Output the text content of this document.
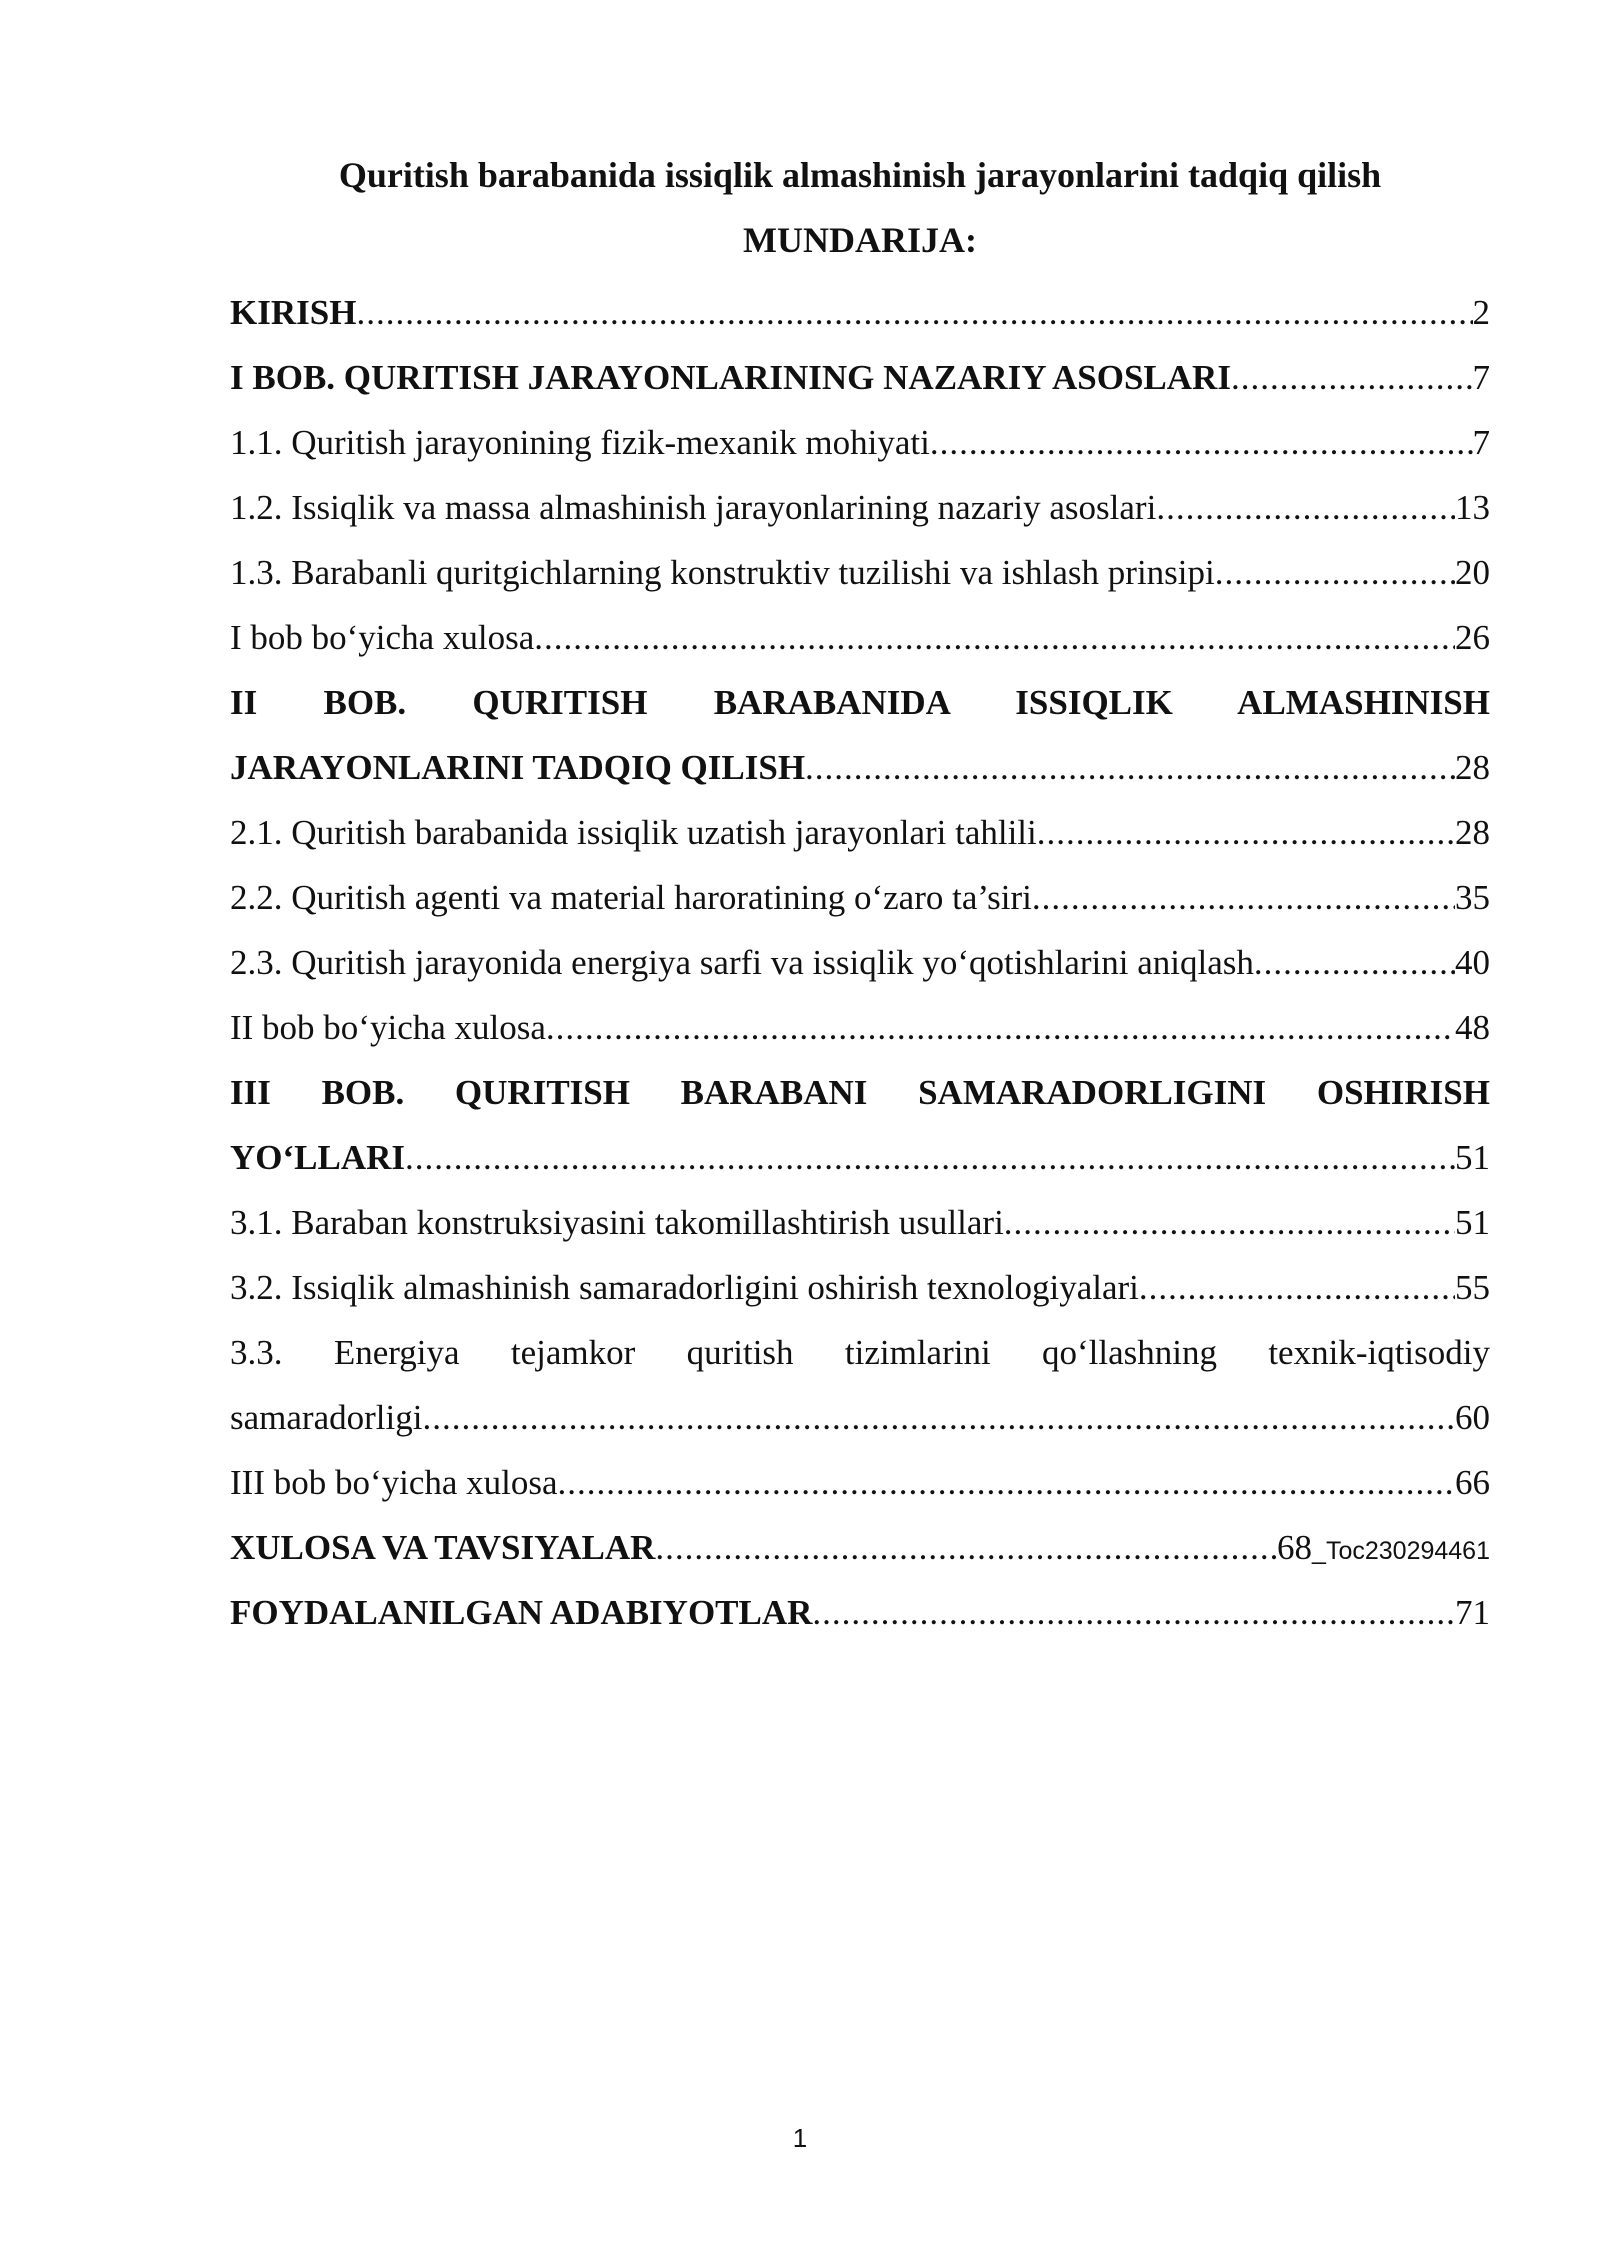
Quritish barabanida issiqlik almashinish jarayonlarini tadqiq qilish
MUNDARIJA:
KIRISH .....	2
I BOB. QURITISH JARAYONLARINING NAZARIY ASOSLARI .....	7
1.1. Quritish jarayonining fizik-mexanik mohiyati .....	7
1.2. Issiqlik va massa almashinish jarayonlarining nazariy asoslari .....	13
1.3. Barabanli quritgichlarning konstruktiv tuzilishi va ishlash prinsipi .....	20
I bob bo‘yicha xulosa .....	26
II BOB. QURITISH BARABANIDA ISSIQLIK ALMASHINISH
JARAYONLARINI TADQIQ QILISH .....	28
2.1. Quritish barabanida issiqlik uzatish jarayonlari tahlili .....	28
2.2. Quritish agenti va material haroratining o‘zaro ta’siri .....	35
2.3. Quritish jarayonida energiya sarfi va issiqlik yo‘qotishlarini aniqlash .....	40
II bob bo‘yicha xulosa .....	48
III BOB. QURITISH BARABANI SAMARADORLIGINI OSHIRISH
YO‘LLARI .....	51
3.1. Baraban konstruksiyasini takomillashtirish usullari .....	51
3.2. Issiqlik almashinish samaradorligini oshirish texnologiyalari .....	55
3.3. Energiya tejamkor quritish tizimlarini qo‘llashning texnik-iqtisodiy
samaradorligi .....	60
III bob bo‘yicha xulosa .....	66
XULOSA VA TAVSIYALAR .....	68 _Toc230294461
FOYDALANILGAN ADABIYOTLAR .....	71
1
